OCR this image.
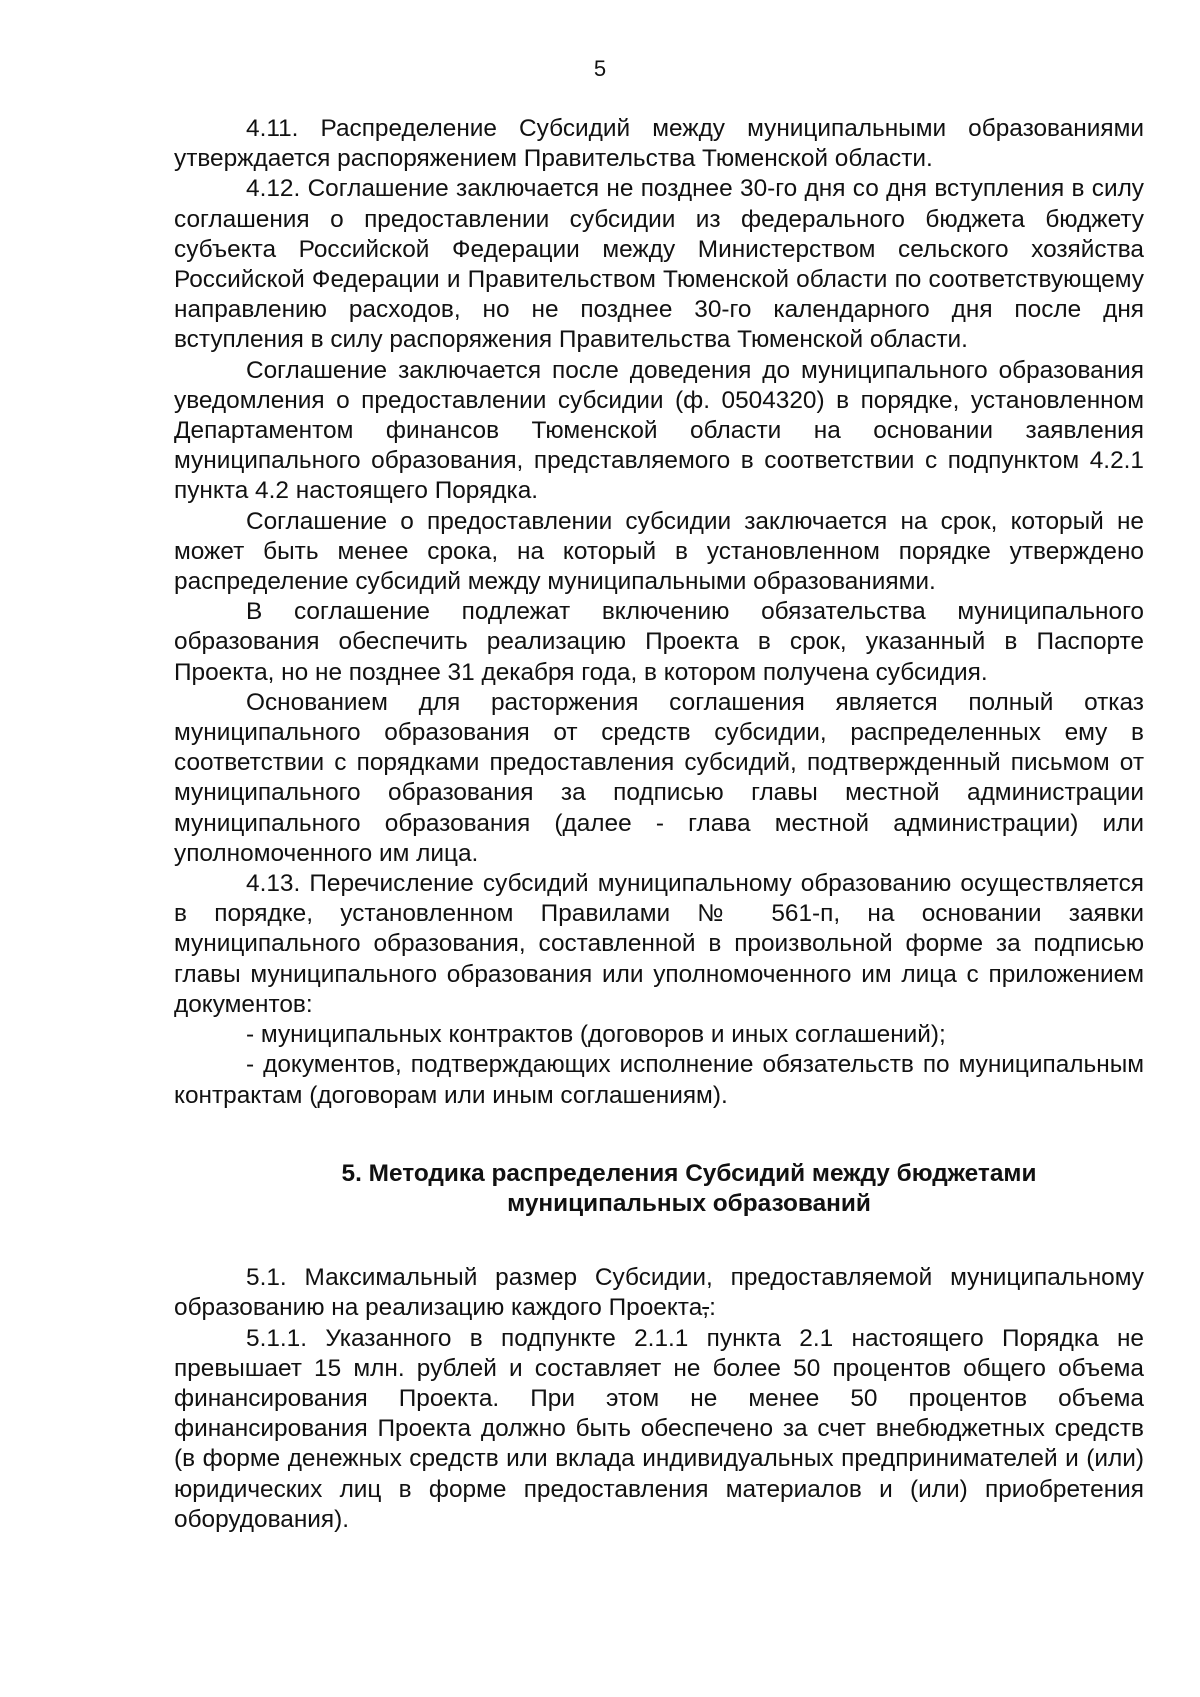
5

4.11. Распределение Субсидий между муниципальными образованиями утверждается распоряжением Правительства Тюменской области.

4.12. Соглашение заключается не позднее 30-го дня со дня вступления в силу соглашения о предоставлении субсидии из федерального бюджета бюджету субъекта Российской Федерации между Министерством сельского хозяйства Российской Федерации и Правительством Тюменской области по соответствующему направлению расходов, но не позднее 30-го календарного дня после дня вступления в силу распоряжения Правительства Тюменской области.

Соглашение заключается после доведения до муниципального образования уведомления о предоставлении субсидии (ф. 0504320) в порядке, установленном Департаментом финансов Тюменской области на основании заявления муниципального образования, представляемого в соответствии с подпунктом 4.2.1 пункта 4.2 настоящего Порядка.

Соглашение о предоставлении субсидии заключается на срок, который не может быть менее срока, на который в установленном порядке утверждено распределение субсидий между муниципальными образованиями.

В соглашение подлежат включению обязательства муниципального образования обеспечить реализацию Проекта в срок, указанный в Паспорте Проекта, но не позднее 31 декабря года, в котором получена субсидия.

Основанием для расторжения соглашения является полный отказ муниципального образования от средств субсидии, распределенных ему в соответствии с порядками предоставления субсидий, подтвержденный письмом от муниципального образования за подписью главы местной администрации муниципального образования (далее - глава местной администрации) или уполномоченного им лица.

4.13. Перечисление субсидий муниципальному образованию осуществляется в порядке, установленном Правилами № 561-п, на основании заявки муниципального образования, составленной в произвольной форме за подписью главы муниципального образования или уполномоченного им лица с приложением документов:

- муниципальных контрактов (договоров и иных соглашений);

- документов, подтверждающих исполнение обязательств по муниципальным контрактам (договорам или иным соглашениям).

5. Методика распределения Субсидий между бюджетами
муниципальных образований

5.1. Максимальный размер Субсидии, предоставляемой муниципальному образованию на реализацию каждого Проекта,:

5.1.1. Указанного в подпункте 2.1.1 пункта 2.1 настоящего Порядка не превышает 15 млн. рублей и составляет не более 50 процентов общего объема финансирования Проекта. При этом не менее 50 процентов объема финансирования Проекта должно быть обеспечено за счет внебюджетных средств (в форме денежных средств или вклада индивидуальных предпринимателей и (или) юридических лиц в форме предоставления материалов и (или) приобретения оборудования).
